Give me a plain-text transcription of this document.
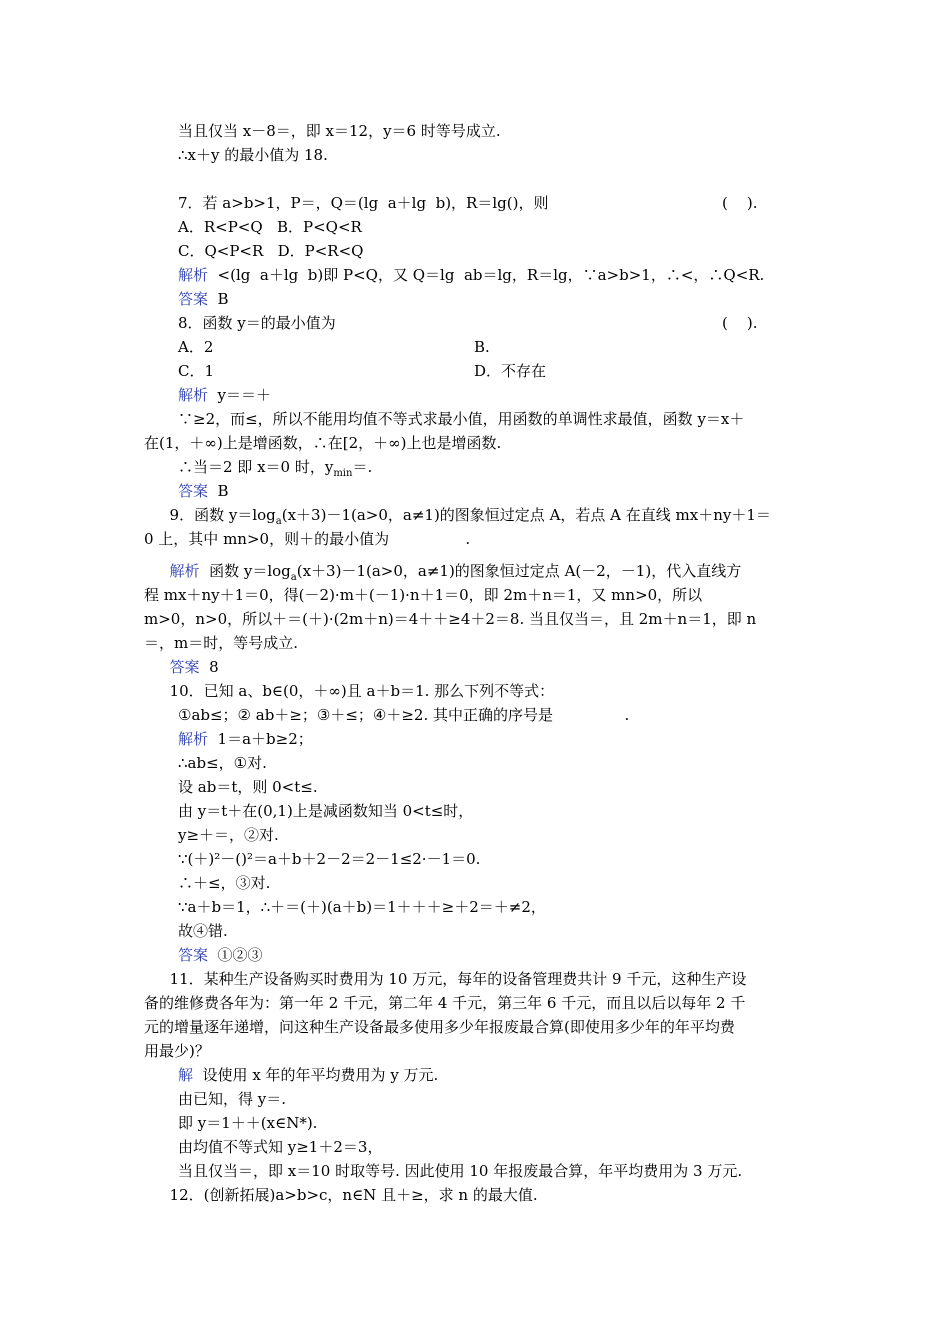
当且仅当 x－8＝，即 x＝12，y＝6 时等号成立.
∴x＋y 的最小值为 18.
7．若 a>b>1，P＝，Q＝(lg  a＋lg  b)，R＝lg()，则	(    ).
A．R<P<Q   B．P<Q<R
C．Q<P<R   D．P<R<Q
解析  <(lg  a＋lg  b)即 P<Q，又 Q＝lg  ab＝lg，R＝lg，∵a>b>1，∴<，∴Q<R.
答案  B
8．函数 y＝的最小值为	(    ).
A．2	B.
C．1	D．不存在
解析  y＝＝＋
∵≥2，而≤，所以不能用均值不等式求最小值，用函数的单调性求最值，函数 y＝x＋
在(1，＋∞)上是增函数，∴在[2，＋∞)上也是增函数.
∴当＝2 即 x＝0 时，$y_{min}=$.
答案  B
9．函数 $y=\log_a(x+3)-1(a>0$，a≠1)的图象恒过定点 A，若点 A 在直线 mx＋ny＋1＝
0 上，其中 mn>0，则＋的最小值为                .
解析  函数 $y=\log_a(x+3)-1(a>0$，a≠1)的图象恒过定点 A(－2，－1)，代入直线方
程 mx＋ny＋1＝0，得(－2)·m＋(－1)·n＋1＝0，即 2m＋n＝1，又 mn>0，所以
m>0，n>0，所以＋＝(＋)·(2m＋n)＝4＋＋≥4＋2＝8. 当且仅当＝，且 2m＋n＝1，即 n
＝，m＝时，等号成立.
答案  8
10．已知 a、b∈(0，＋∞)且 a＋b＝1. 那么下列不等式：
①ab≤；② ab＋≥；③＋≤；④＋≥2. 其中正确的序号是               .
解析  1＝a＋b≥2；
∴ab≤，①对.
设 ab＝t，则 0<t≤.
由 y＝t＋在(0,1)上是减函数知当 0<t≤时，
y≥＋＝，②对.
∵(＋)²－()²＝a＋b＋2－2＝2－1≤2·－1＝0.
∴＋≤，③对.
∵a＋b＝1，∴＋＝(＋)(a＋b)＝1＋＋＋≥＋2＝＋≠2，
故④错.
答案  ①②③
11．某种生产设备购买时费用为 10 万元，每年的设备管理费共计 9 千元，这种生产设
备的维修费各年为：第一年 2 千元，第二年 4 千元，第三年 6 千元，而且以后以每年 2 千
元的增量逐年递增，问这种生产设备最多使用多少年报废最合算(即使用多少年的年平均费
用最少)？
解  设使用 x 年的年平均费用为 y 万元.
由已知，得 y＝.
即 y＝1＋＋(x∈N*).
由均值不等式知 y≥1＋2＝3，
当且仅当＝，即 x＝10 时取等号. 因此使用 10 年报废最合算，年平均费用为 3 万元.
12．(创新拓展)a>b>c，n∈N 且＋≥，求 n 的最大值.
